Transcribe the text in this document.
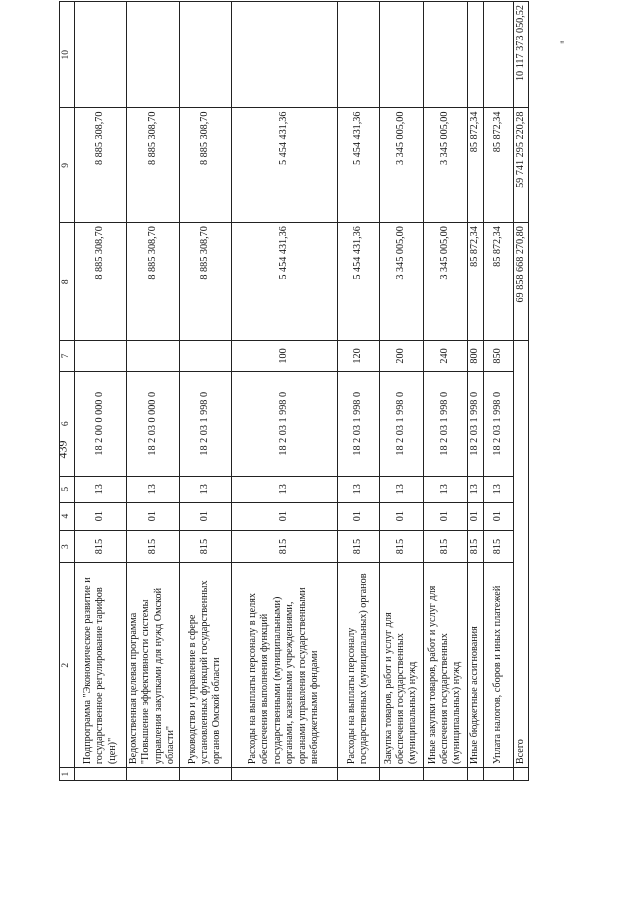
439
"
1	2	3	4	5	6	7	8	9	10
	Подпрограмма "Экономическое развитие и государственное регулирование тарифов (цен)"	815	01	13	18 2 00 0 000 0		8 885 308,70	8 885 308,70	
	Ведомственная целевая программа "Повышение эффективности системы управления закупками для нужд Омской области"	815	01	13	18 2 03 0 000 0		8 885 308,70	8 885 308,70	
	Руководство и управление в сфере установленных функций государственных органов Омской области	815	01	13	18 2 03 1 998 0		8 885 308,70	8 885 308,70	
	Расходы на выплаты персоналу в целях обеспечения выполнения функций государственными (муниципальными) органами, казенными учреждениями, органами управления государственными внебюджетными фондами	815	01	13	18 2 03 1 998 0	100	5 454 431,36	5 454 431,36	
	Расходы на выплаты персоналу государственных (муниципальных) органов	815	01	13	18 2 03 1 998 0	120	5 454 431,36	5 454 431,36	
	Закупка товаров, работ и услуг для обеспечения государственных (муниципальных) нужд	815	01	13	18 2 03 1 998 0	200	3 345 005,00	3 345 005,00	
	Иные закупки товаров, работ и услуг для обеспечения государственных (муниципальных) нужд	815	01	13	18 2 03 1 998 0	240	3 345 005,00	3 345 005,00	
	Иные бюджетные ассигнования	815	01	13	18 2 03 1 998 0	800	85 872,34	85 872,34	
	Уплата налогов, сборов и иных платежей	815	01	13	18 2 03 1 998 0	850	85 872,34	85 872,34	
	Всего						69 858 668 270,80	59 741 295 220,28	10 117 373 050,52
